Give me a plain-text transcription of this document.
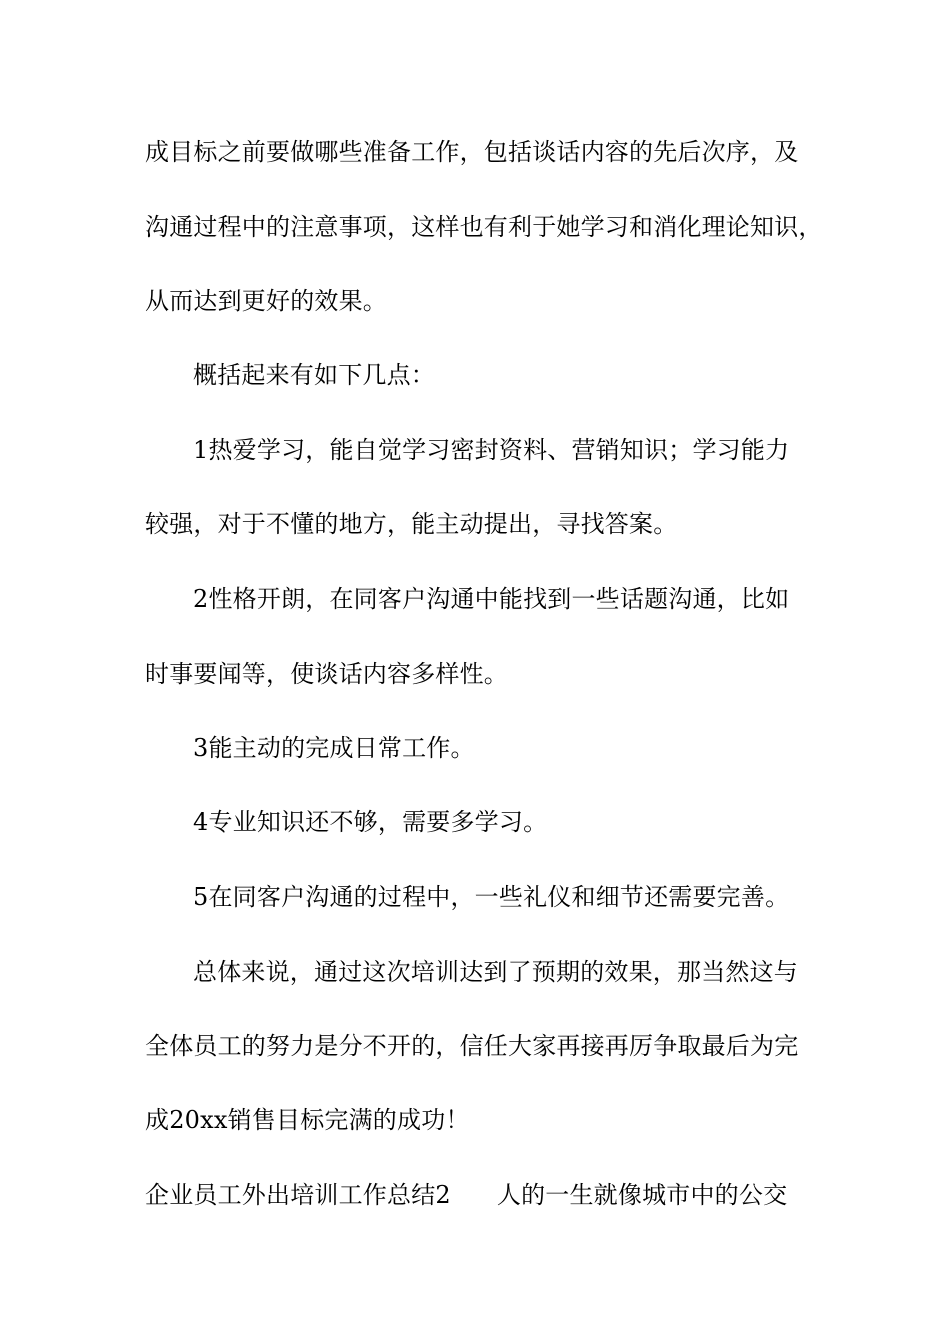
成目标之前要做哪些准备工作，包括谈话内容的先后次序，及
沟通过程中的注意事项，这样也有利于她学习和消化理论知识，
从而达到更好的效果。
概括起来有如下几点：
1热爱学习，能自觉学习密封资料、营销知识；学习能力
较强，对于不懂的地方，能主动提出，寻找答案。
2性格开朗，在同客户沟通中能找到一些话题沟通，比如
时事要闻等，使谈话内容多样性。
3能主动的完成日常工作。
4专业知识还不够，需要多学习。
5在同客户沟通的过程中，一些礼仪和细节还需要完善。
总体来说，通过这次培训达到了预期的效果，那当然这与
全体员工的努力是分不开的，信任大家再接再厉争取最后为完
成20xx销售目标完满的成功！
企业员工外出培训工作总结2 人的一生就像城市中的公交
